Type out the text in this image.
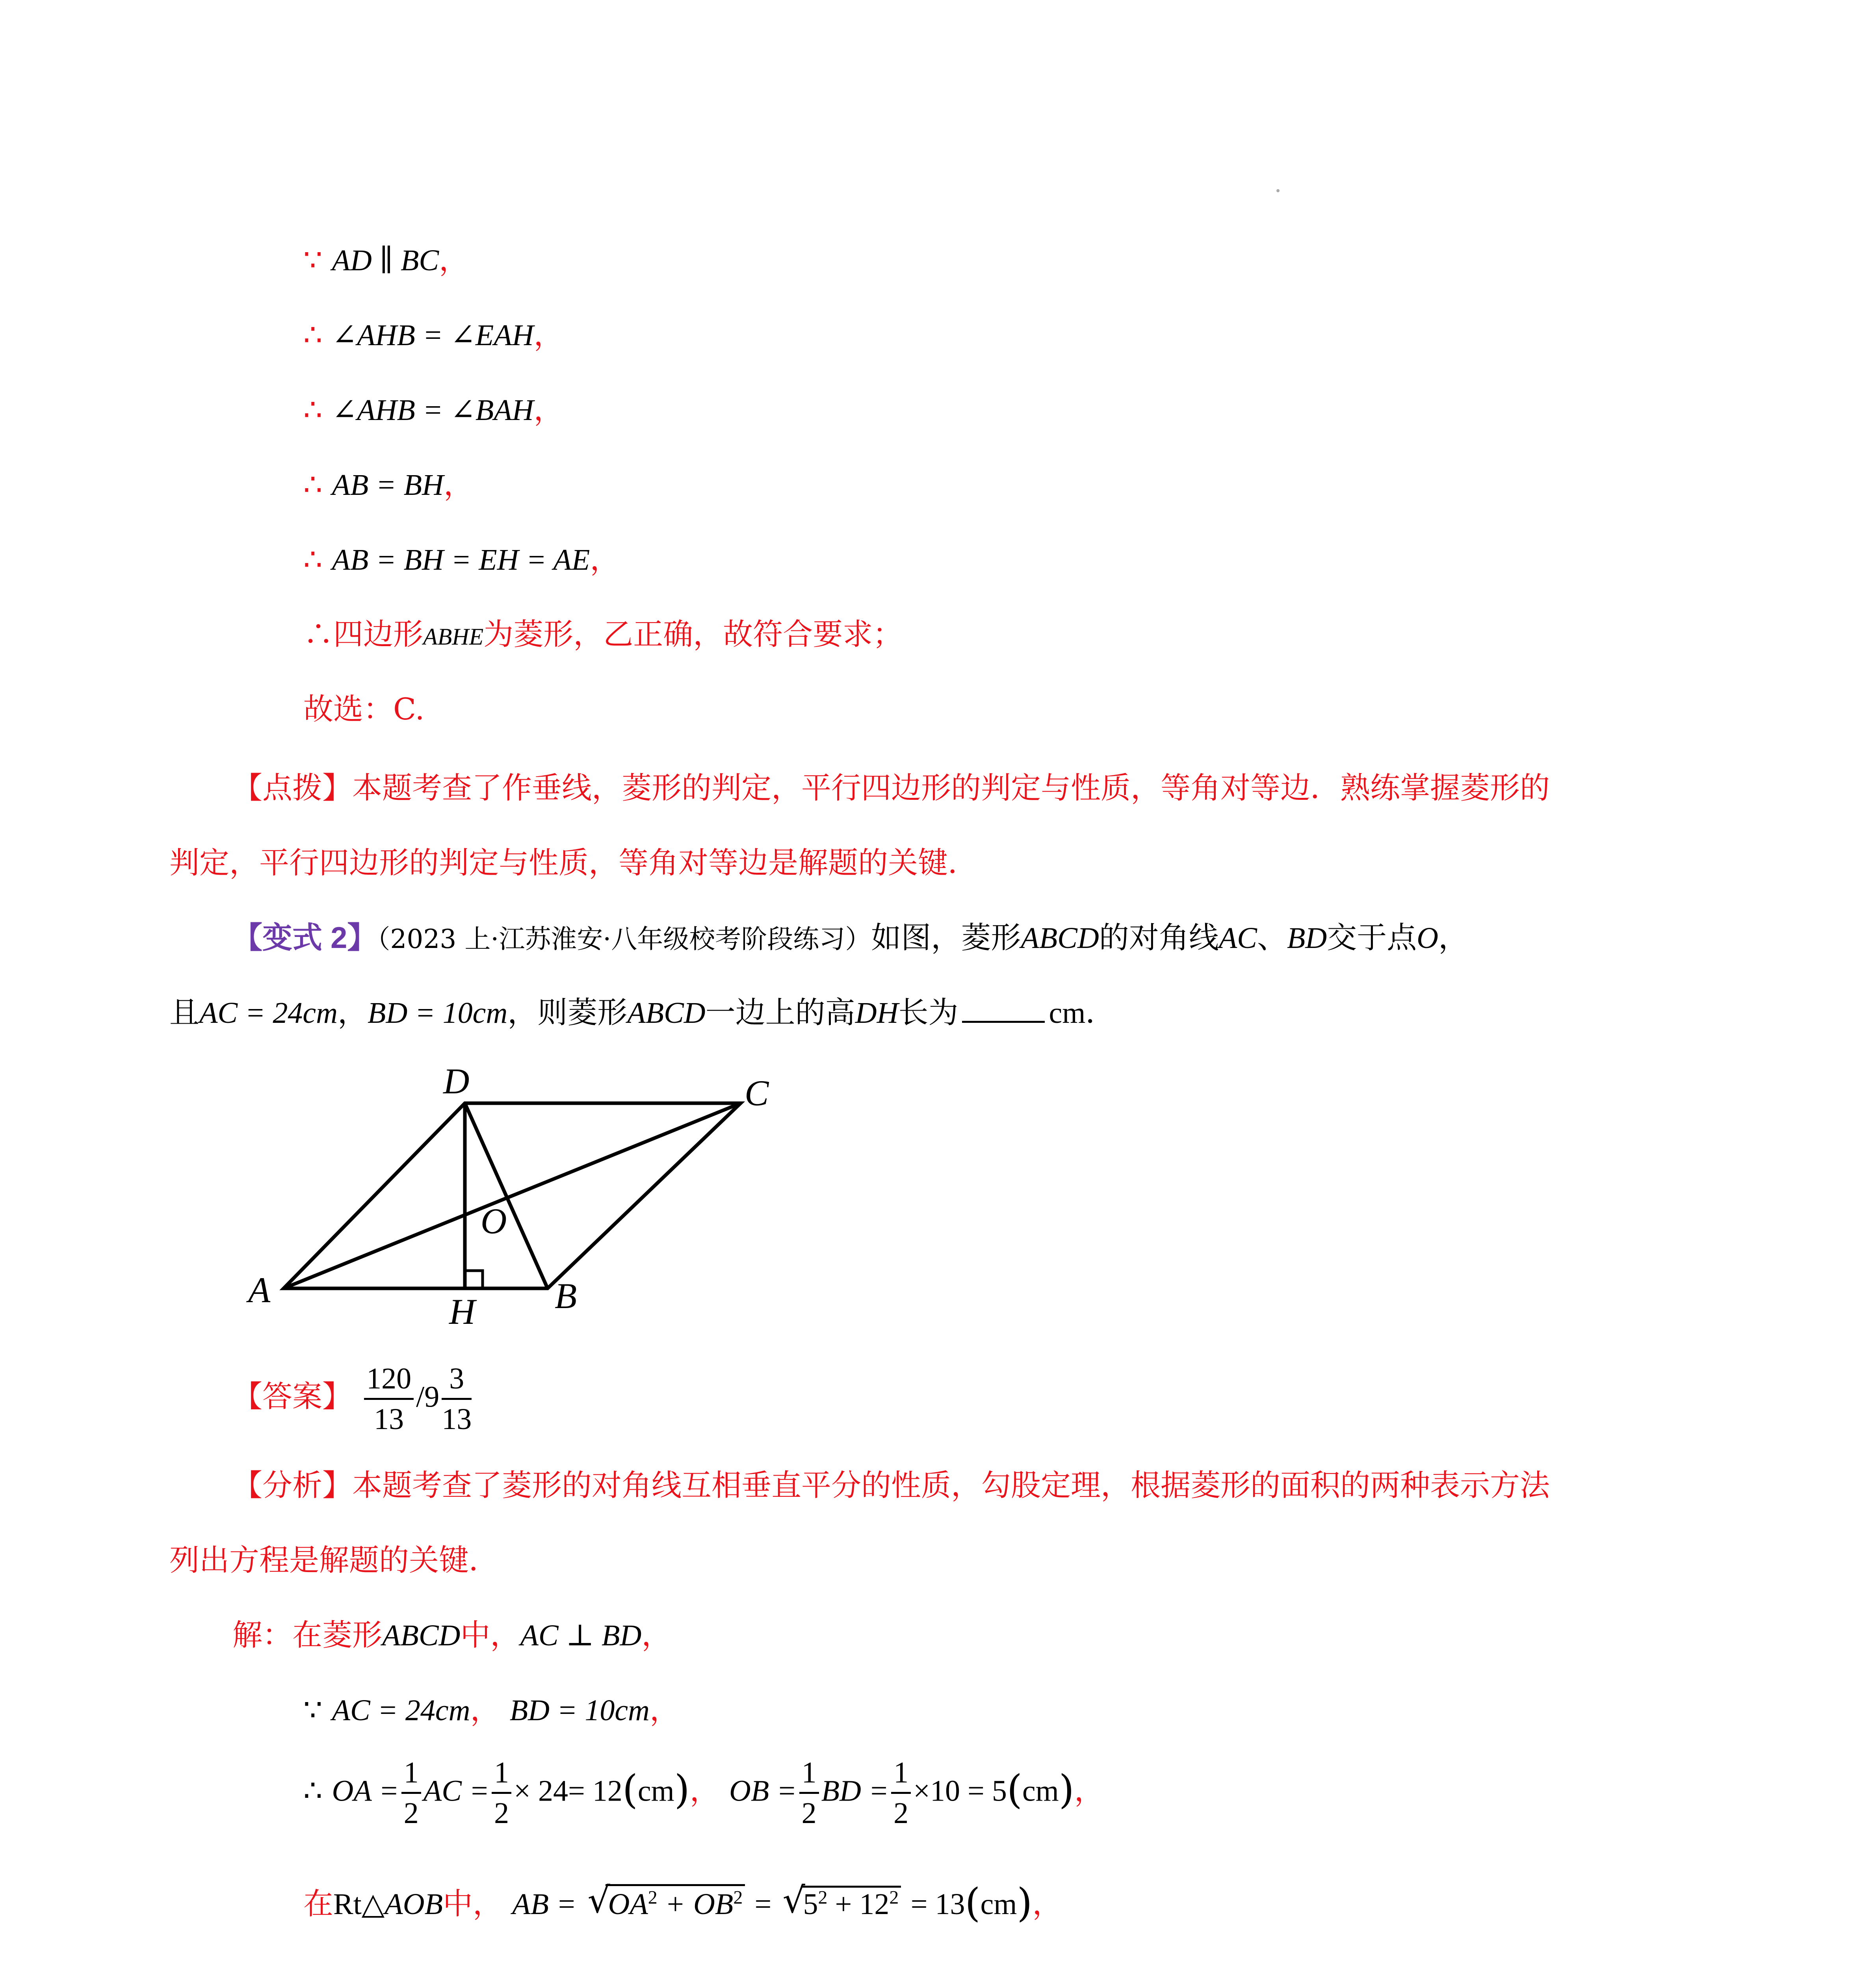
∵ AD ∥ BC，
∴ ∠AHB = ∠EAH，
∴ ∠AHB = ∠BAH，
∴ AB = BH，
∴ AB = BH = EH = AE，
∴四边形ABHE为菱形，乙正确，故符合要求；
故选：C.
【点拨】本题考查了作垂线，菱形的判定，平行四边形的判定与性质，等角对等边．熟练掌握菱形的
判定，平行四边形的判定与性质，等角对等边是解题的关键．
【变式 2】（2023 上·江苏淮安·八年级校考阶段练习）如图，菱形ABCD的对角线AC、BD交于点O，
且AC = 24cm，BD = 10cm，则菱形ABCD一边上的高DH长为	cm．
A	B
C
D
O
H
【答案】 $\frac{120}{13} /9 \frac{3}{13}$
【分析】本题考查了菱形的对角线互相垂直平分的性质，勾股定理，根据菱形的面积的两种表示方法
列出方程是解题的关键．
解：在菱形ABCD中，AC ⊥ BD，
∵ AC = 24cm， BD = 10cm，
∴ OA = $\frac{1}{2}$ AC = $\frac{1}{2} \times 24= 12(cm)$， OB = $\frac{1}{2}$ BD = $\frac{1}{2} \times 10 = 5(cm)$，
在Rt△AOB中， AB = √
$OA^2 + OB^2$ = √
$5^2 + 12^2 = 13(cm)$，
